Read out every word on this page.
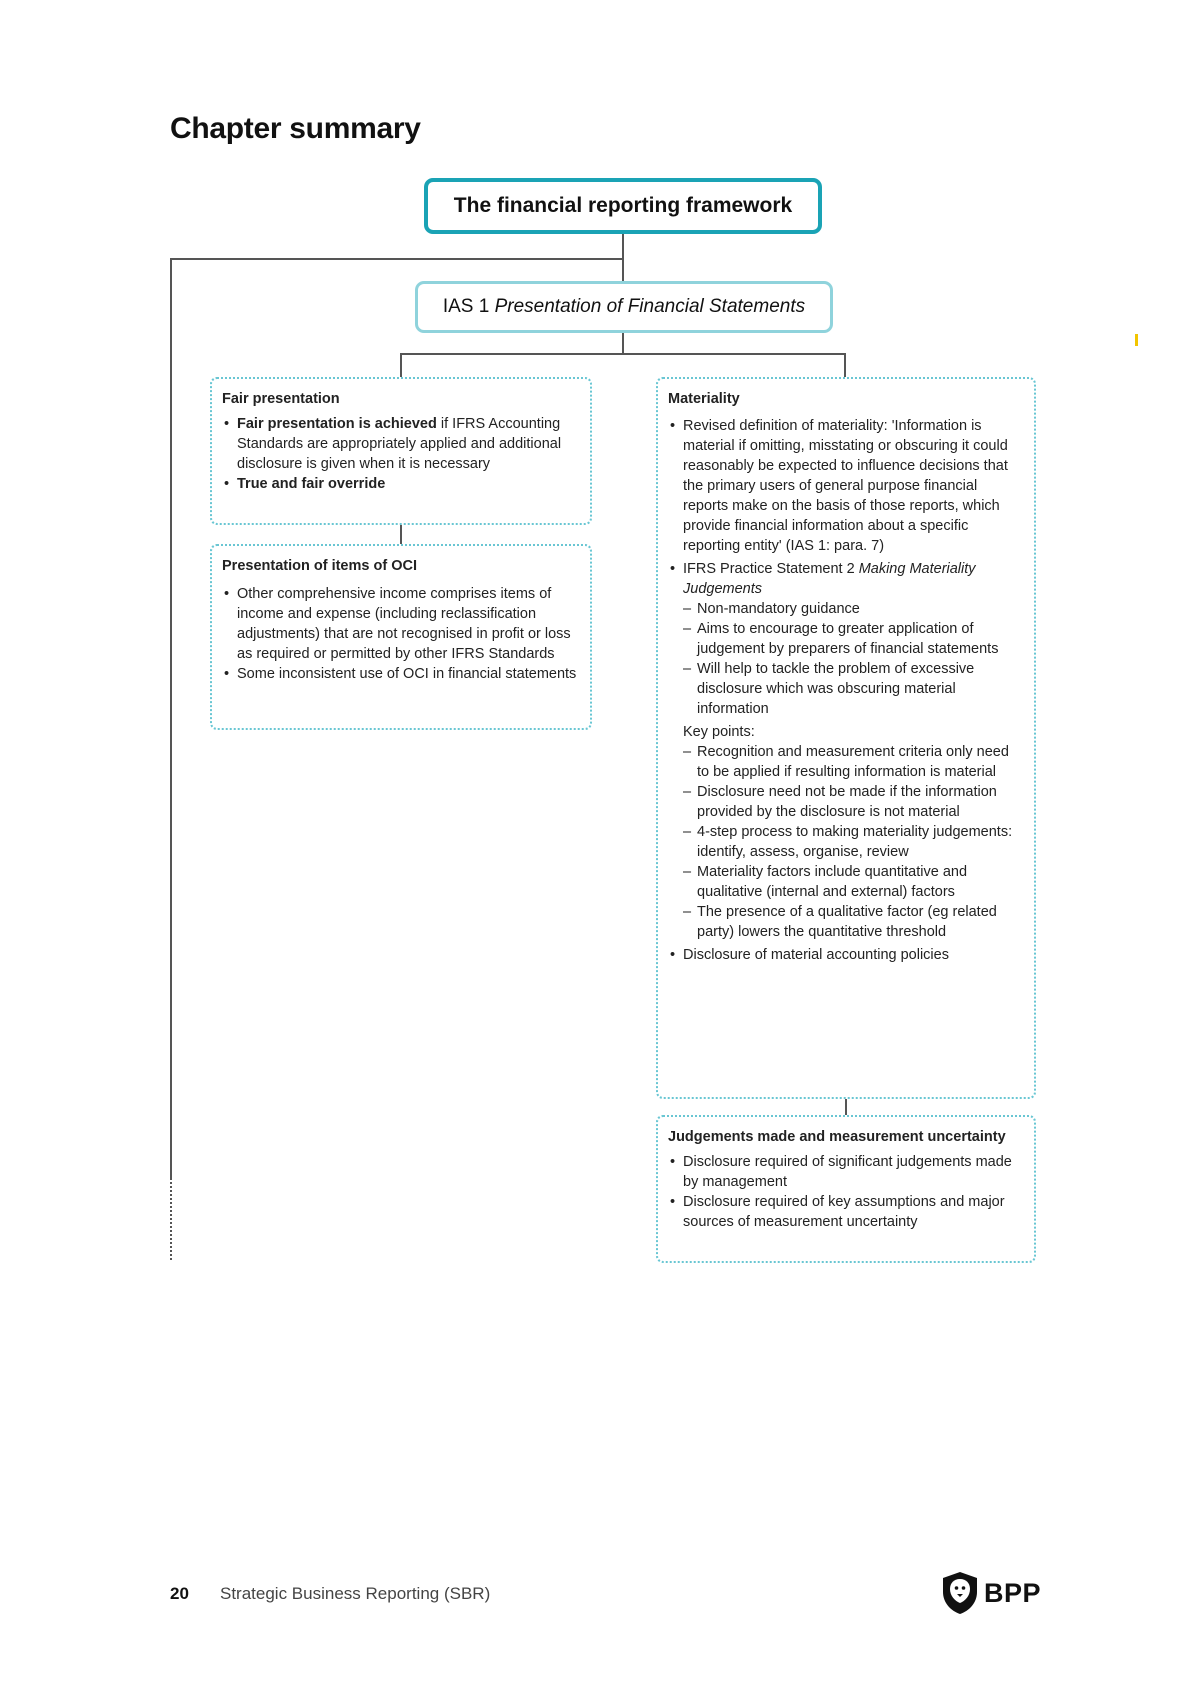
Chapter summary
The financial reporting framework
IAS 1 Presentation of Financial Statements
Fair presentation
• Fair presentation is achieved if IFRS Accounting Standards are appropriately applied and additional disclosure is given when it is necessary
• True and fair override
Presentation of items of OCI
• Other comprehensive income comprises items of income and expense (including reclassification adjustments) that are not recognised in profit or loss as required or permitted by other IFRS Standards
• Some inconsistent use of OCI in financial statements
Materiality
• Revised definition of materiality: 'Information is material if omitting, misstating or obscuring it could reasonably be expected to influence decisions that the primary users of general purpose financial reports make on the basis of those reports, which provide financial information about a specific reporting entity' (IAS 1: para. 7)
• IFRS Practice Statement 2 Making Materiality Judgements
– Non-mandatory guidance
– Aims to encourage to greater application of judgement by preparers of financial statements
– Will help to tackle the problem of excessive disclosure which was obscuring material information
Key points:
– Recognition and measurement criteria only need to be applied if resulting information is material
– Disclosure need not be made if the information provided by the disclosure is not material
– 4-step process to making materiality judgements: identify, assess, organise, review
– Materiality factors include quantitative and qualitative (internal and external) factors
– The presence of a qualitative factor (eg related party) lowers the quantitative threshold
• Disclosure of material accounting policies
Judgements made and measurement uncertainty
• Disclosure required of significant judgements made by management
• Disclosure required of key assumptions and major sources of measurement uncertainty
20 Strategic Business Reporting (SBR)	BPP
